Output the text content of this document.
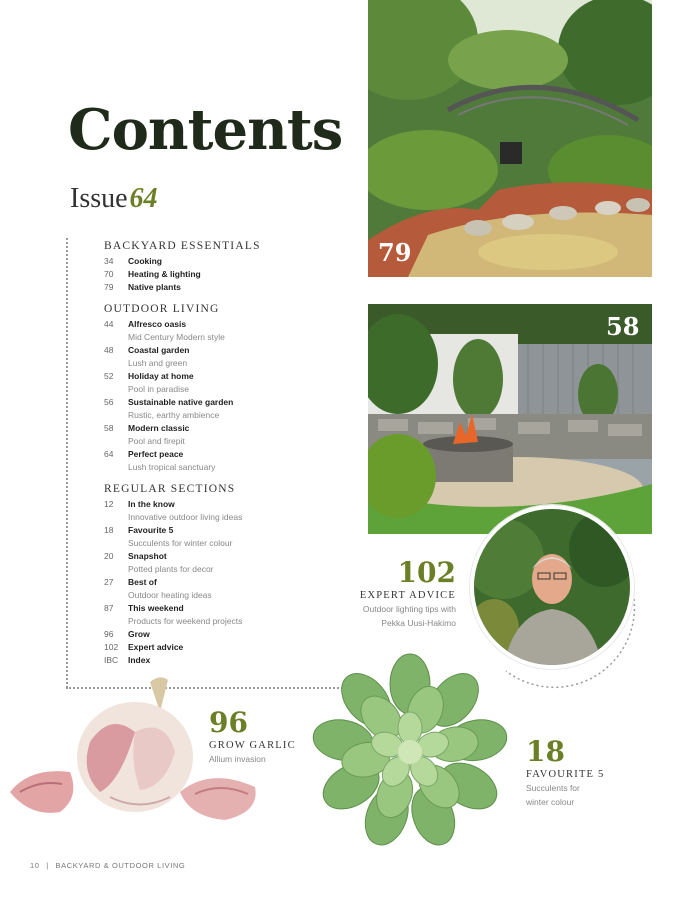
Contents
Issue64
BACKYARD ESSENTIALS
34	Cooking
70	Heating & lighting
79	Native plants
OUTDOOR LIVING
44	Alfresco oasis
Mid Century Modern style
48	Coastal garden
Lush and green
52	Holiday at home
Pool in paradise
56	Sustainable native garden
Rustic, earthy ambience
58	Modern classic
Pool and firepit
64	Perfect peace
Lush tropical sanctuary
REGULAR SECTIONS
12	In the know
Innovative outdoor living ideas
18	Favourite 5
Succulents for winter colour
20	Snapshot
Potted plants for decor
27	Best of
Outdoor heating ideas
87	This weekend
Products for weekend projects
96	Grow
102	Expert advice
IBC	Index
79
58
102
EXPERT ADVICE
Outdoor lighting tips with
Pekka Uusi-Hakimo
96
GROW GARLIC
Allium invasion	18
FAVOURITE 5
Succulents for
winter colour
10 | BACKYARD & OUTDOOR LIVING
